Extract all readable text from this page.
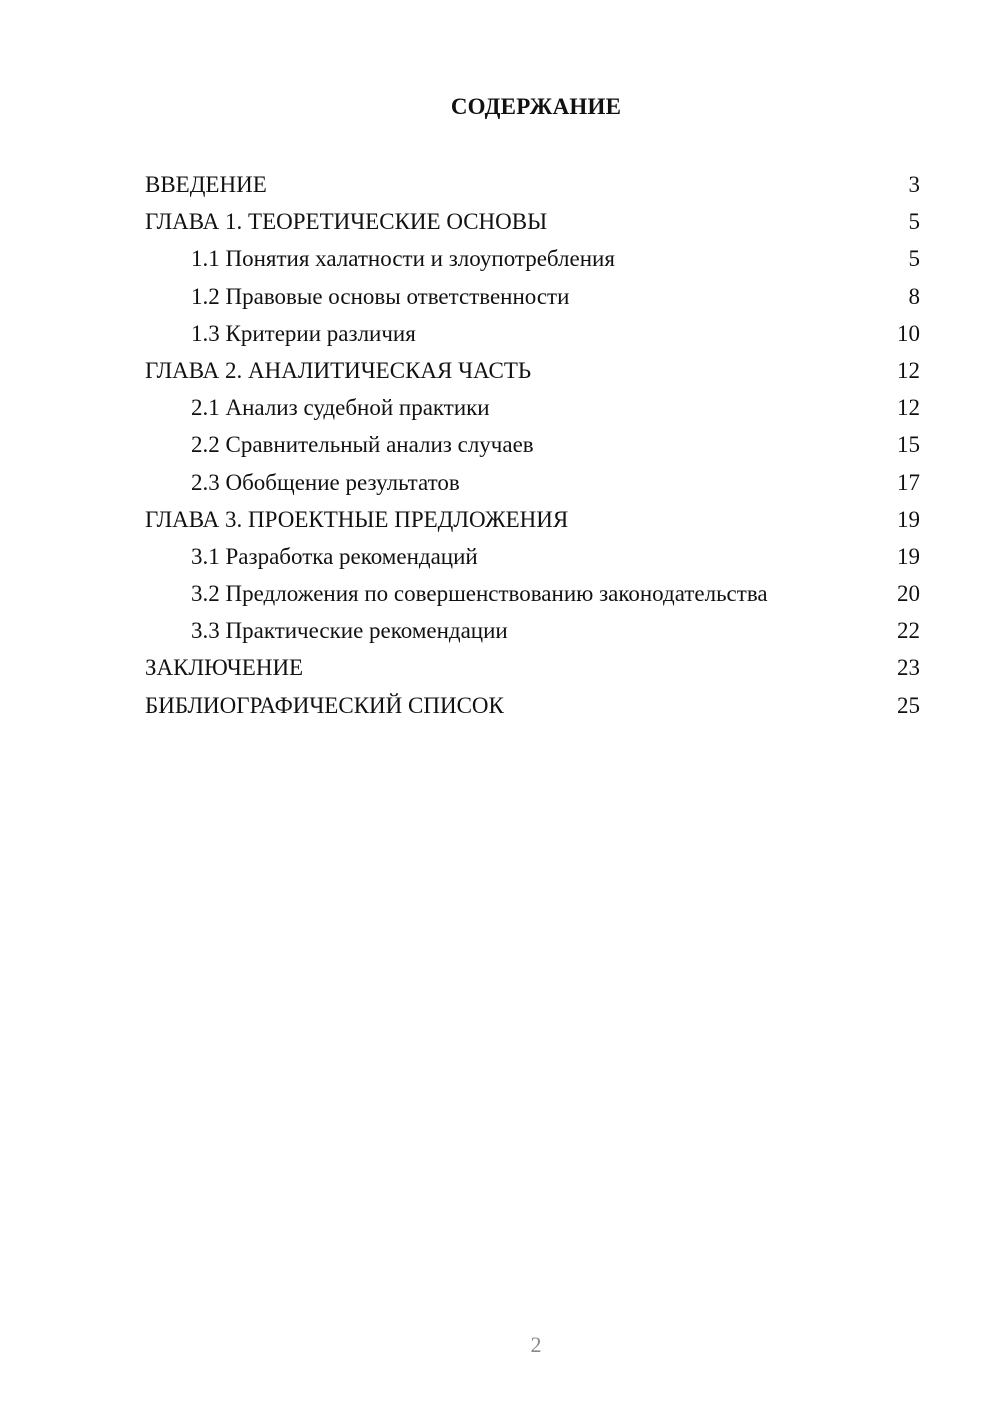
СОДЕРЖАНИЕ
ВВЕДЕНИЕ	3
ГЛАВА 1. ТЕОРЕТИЧЕСКИЕ ОСНОВЫ	5
1.1 Понятия халатности и злоупотребления	5
1.2 Правовые основы ответственности	8
1.3 Критерии различия	10
ГЛАВА 2. АНАЛИТИЧЕСКАЯ ЧАСТЬ	12
2.1 Анализ судебной практики	12
2.2 Сравнительный анализ случаев	15
2.3 Обобщение результатов	17
ГЛАВА 3. ПРОЕКТНЫЕ ПРЕДЛОЖЕНИЯ	19
3.1 Разработка рекомендаций	19
3.2 Предложения по совершенствованию законодательства	20
3.3 Практические рекомендации	22
ЗАКЛЮЧЕНИЕ	23
БИБЛИОГРАФИЧЕСКИЙ СПИСОК	25
2
